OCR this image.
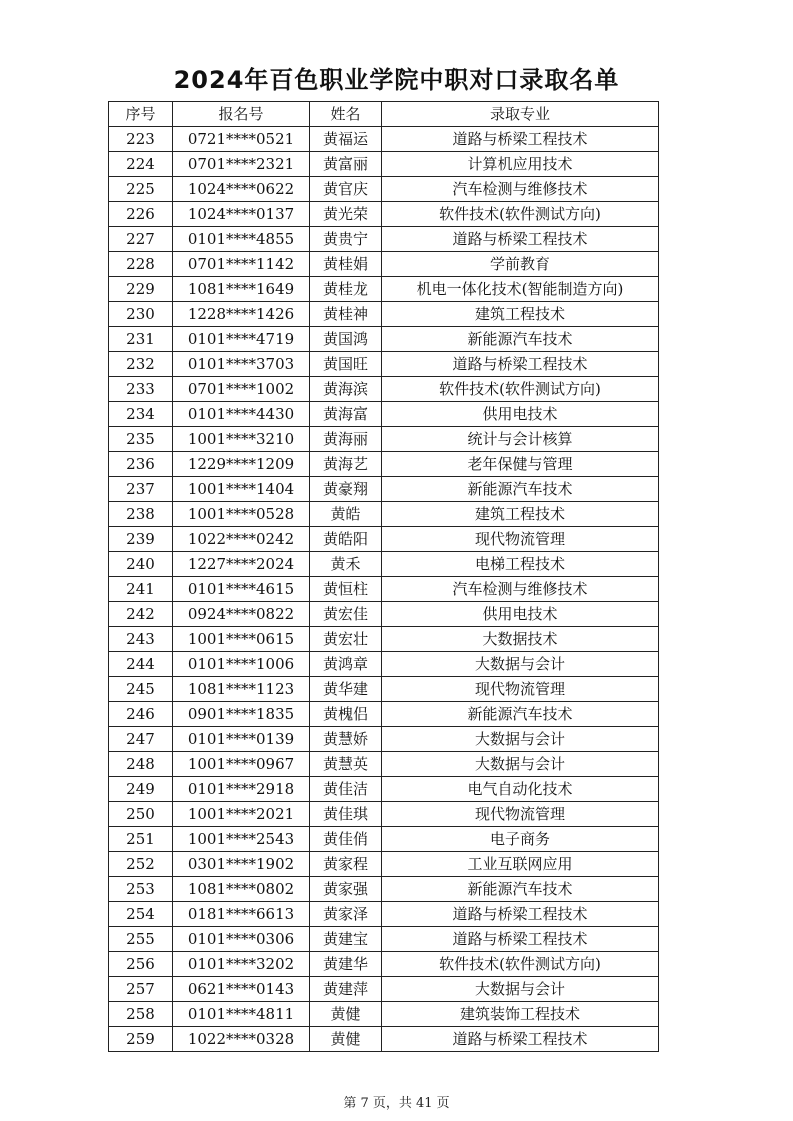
2024年百色职业学院中职对口录取名单
序号	报名号	姓名	录取专业
223	0721****0521	黄福运	道路与桥梁工程技术
224	0701****2321	黄富丽	计算机应用技术
225	1024****0622	黄官庆	汽车检测与维修技术
226	1024****0137	黄光荣	软件技术(软件测试方向)
227	0101****4855	黄贵宁	道路与桥梁工程技术
228	0701****1142	黄桂娟	学前教育
229	1081****1649	黄桂龙	机电一体化技术(智能制造方向)
230	1228****1426	黄桂神	建筑工程技术
231	0101****4719	黄国鸿	新能源汽车技术
232	0101****3703	黄国旺	道路与桥梁工程技术
233	0701****1002	黄海滨	软件技术(软件测试方向)
234	0101****4430	黄海富	供用电技术
235	1001****3210	黄海丽	统计与会计核算
236	1229****1209	黄海艺	老年保健与管理
237	1001****1404	黄豪翔	新能源汽车技术
238	1001****0528	黄皓	建筑工程技术
239	1022****0242	黄皓阳	现代物流管理
240	1227****2024	黄禾	电梯工程技术
241	0101****4615	黄恒柱	汽车检测与维修技术
242	0924****0822	黄宏佳	供用电技术
243	1001****0615	黄宏壮	大数据技术
244	0101****1006	黄鸿章	大数据与会计
245	1081****1123	黄华建	现代物流管理
246	0901****1835	黄槐侣	新能源汽车技术
247	0101****0139	黄慧娇	大数据与会计
248	1001****0967	黄慧英	大数据与会计
249	0101****2918	黄佳洁	电气自动化技术
250	1001****2021	黄佳琪	现代物流管理
251	1001****2543	黄佳俏	电子商务
252	0301****1902	黄家程	工业互联网应用
253	1081****0802	黄家强	新能源汽车技术
254	0181****6613	黄家泽	道路与桥梁工程技术
255	0101****0306	黄建宝	道路与桥梁工程技术
256	0101****3202	黄建华	软件技术(软件测试方向)
257	0621****0143	黄建萍	大数据与会计
258	0101****4811	黄健	建筑装饰工程技术
259	1022****0328	黄健	道路与桥梁工程技术
第 7 页，共 41 页
